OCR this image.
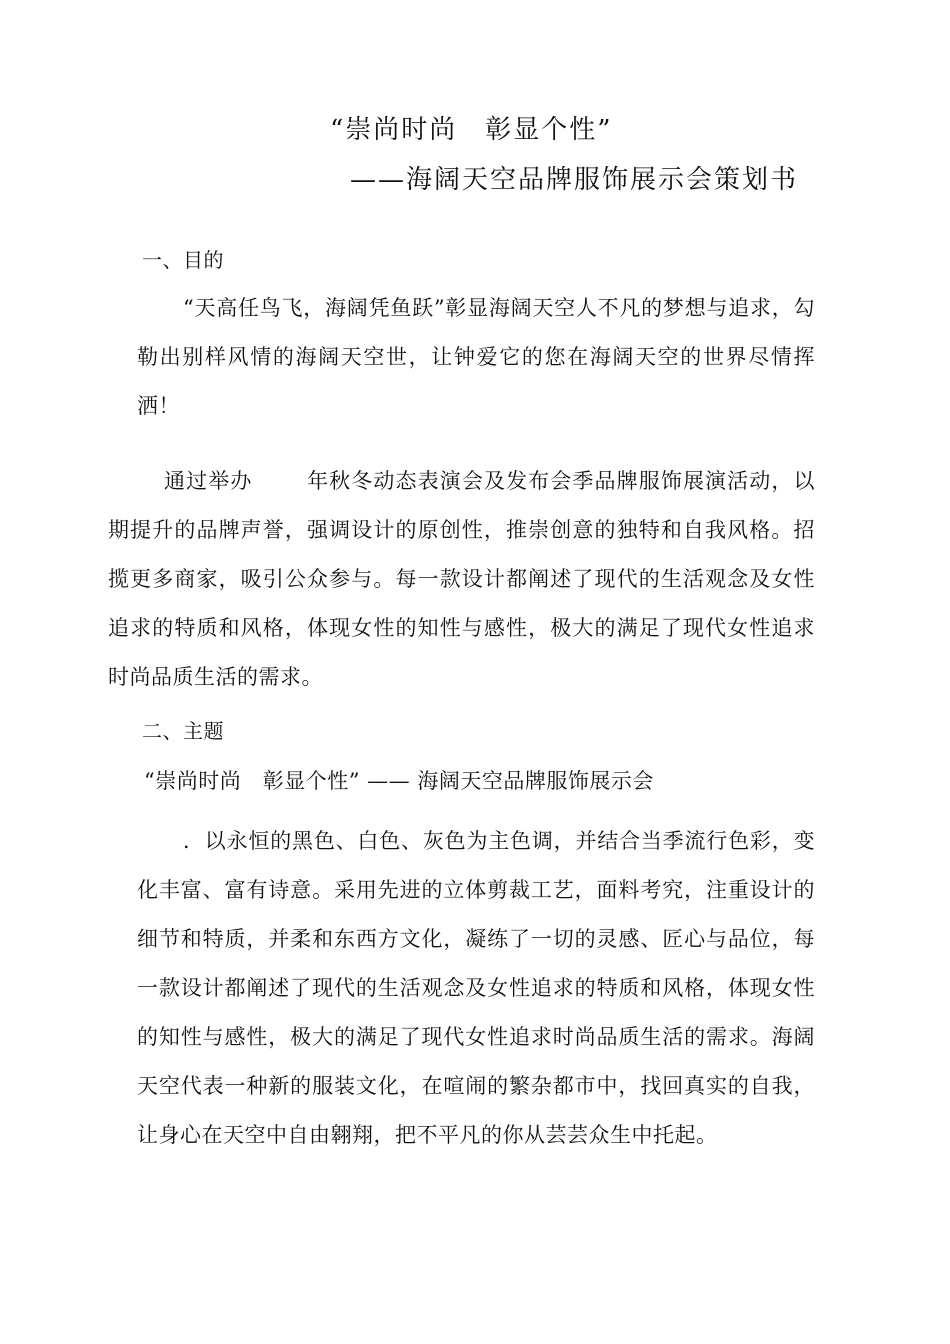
“崇尚时尚　彰显个性”
——海阔天空品牌服饰展示会策划书
一、目的
“天高任鸟飞，海阔凭鱼跃”彰显海阔天空人不凡的梦想与追求，勾勒出别样风情的海阔天空世，让钟爱它的您在海阔天空的世界尽情挥洒！
通过举办	年秋冬动态表演会及发布会季品牌服饰展演活动，以期提升的品牌声誉，强调设计的原创性，推崇创意的独特和自我风格。招揽更多商家，吸引公众参与。每一款设计都阐述了现代的生活观念及女性追求的特质和风格，体现女性的知性与感性，极大的满足了现代女性追求时尚品质生活的需求。
二、主题
“崇尚时尚　彰显个性” —— 海阔天空品牌服饰展示会
．以永恒的黑色、白色、灰色为主色调，并结合当季流行色彩，变化丰富、富有诗意。采用先进的立体剪裁工艺，面料考究，注重设计的细节和特质，并柔和东西方文化，凝练了一切的灵感、匠心与品位，每一款设计都阐述了现代的生活观念及女性追求的特质和风格，体现女性的知性与感性，极大的满足了现代女性追求时尚品质生活的需求。海阔天空代表一种新的服装文化，在喧闹的繁杂都市中，找回真实的自我，让身心在天空中自由翱翔，把不平凡的你从芸芸众生中托起。
